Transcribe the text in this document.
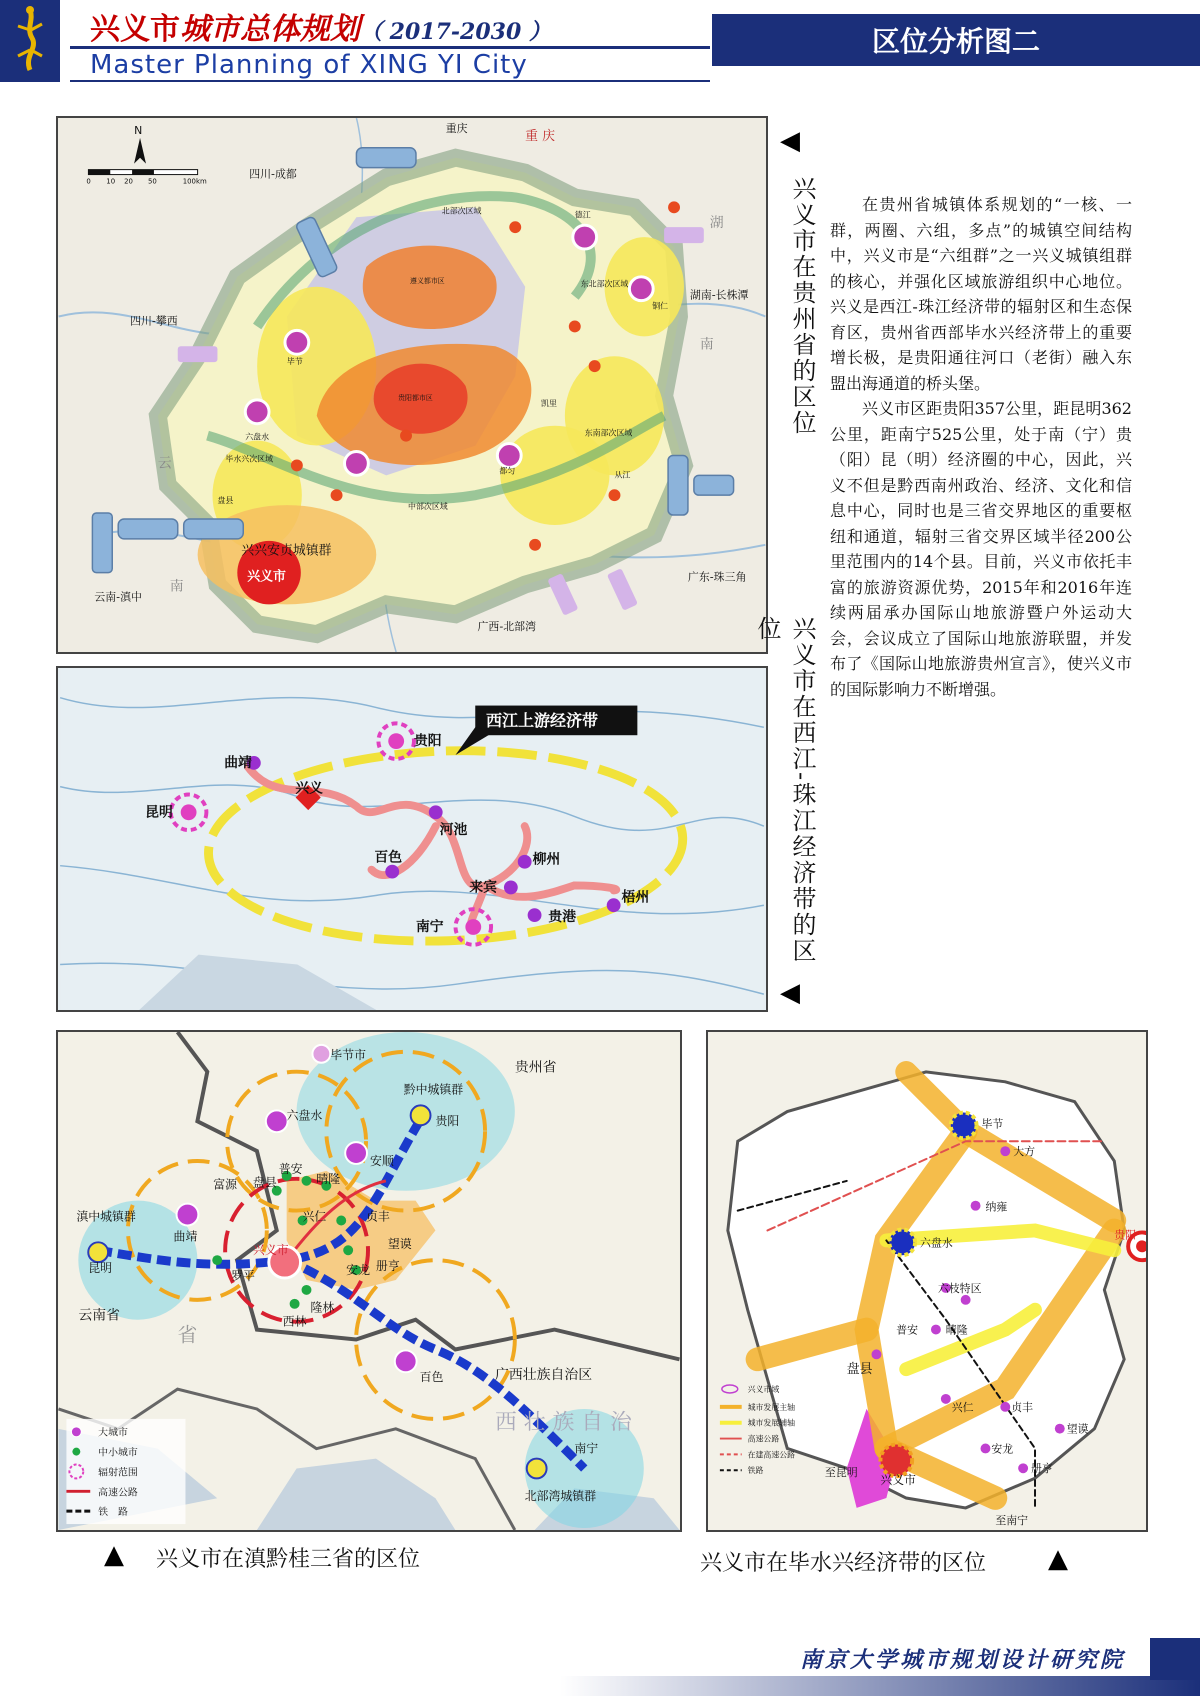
兴义市城市总体规划（ 2017-2030 ）
Master Planning of XING YI City
区位分析图二
N
0 10 20 50	100km
重庆
重 庆
四川-成都
四川-攀西
湖南-长株潭
湖
南
广东-珠三角
广西-北部湾
云南-滇中
云
南
兴兴安贞城镇群
兴义市
毕节
六盘水
盘县
都匀
凯里
铜仁
德江
从江
遵义都市区
贵阳都市区
北部次区域
东北部次区域
东南部次区域
中部次区域
毕水兴次区域
◀
兴义市在贵州省的区位
贵阳
曲靖
昆明
兴义
河池
百色	柳州
来宾
梧州
南宁
贵港
西江上游经济带	兴义市在西江-珠江经济带的区位
◀

在贵州省城镇体系规划的“一核、一群，两圈、六组，多点”的城镇空间结构中，兴义市是“六组群”之一兴义城镇组群的核心，并强化区域旅游组织中心地位。兴义是西江-珠江经济带的辐射区和生态保育区，贵州省西部毕水兴经济带上的重要增长极，是贵阳通往河口（老街）融入东盟出海通道的桥头堡。

兴义市区距贵阳357公里，距昆明362公里，距南宁525公里，处于南（宁）贵（阳）昆（明）经济圈的中心，因此，兴义不但是黔西南州政治、经济、文化和信息中心，同时也是三省交界地区的重要枢纽和通道，辐射三省交界区域半径200公里范围内的14个县。目前，兴义市依托丰富的旅游资源优势，2015年和2016年连续两届承办国际山地旅游暨户外运动大会，会议成立了国际山地旅游联盟，并发布了《国际山地旅游贵州宣言》，使兴义市的国际影响力不断增强。

毕节市
贵州省
黔中城镇群
贵阳
六盘水
安顺
曲靖
滇中城镇群
昆明
云南省
富源 盘县
普安
晴隆
兴仁	贞丰
兴义市
罗平	安龙
望谟
册亨
隆林
西林
百色	广西壮族自治区
南宁
北部湾城镇群
省
西 壮 族 自 治
大城市
中小城市
辐射范围
高速公路
铁　路
毕节
大方
纳雍
六盘水
贵阳
六枝特区
普安	晴隆
盘县
兴仁	贞丰
望谟
安龙
册亨
兴义市
至昆明
至南宁
兴义市域
城市发展主轴
城市发展辅轴
高速公路
在建高速公路
铁路
▲ 兴义市在滇黔桂三省的区位	兴义市在毕水兴经济带的区位 ▲
南京大学城市规划设计研究院
